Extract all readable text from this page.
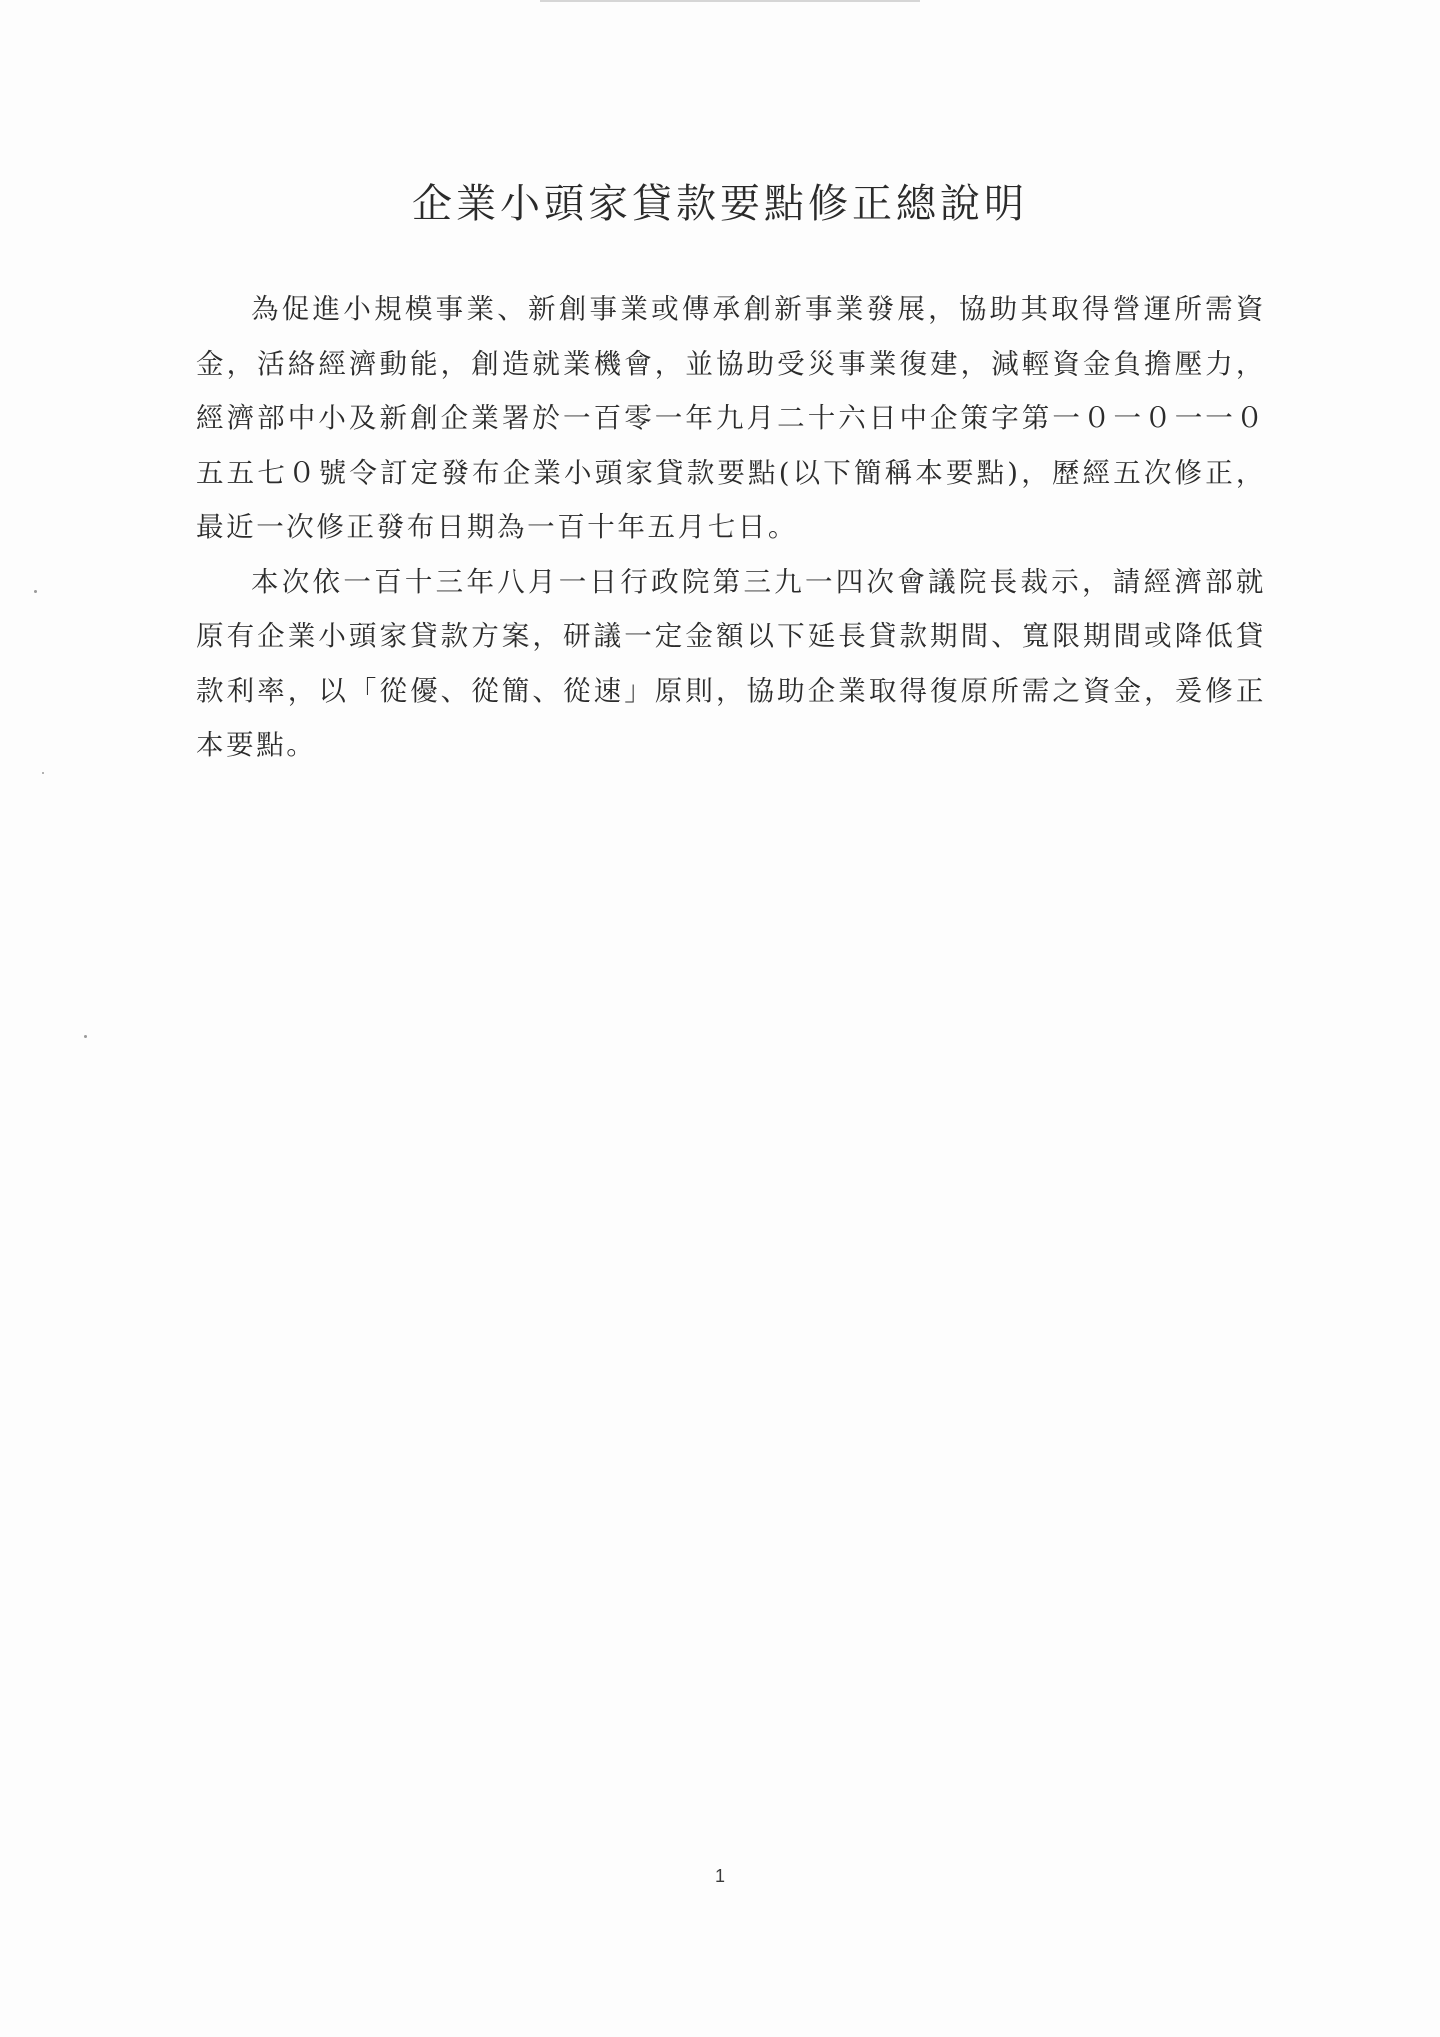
企業小頭家貸款要點修正總說明

為促進小規模事業、新創事業或傳承創新事業發展，協助其取得營運所需資金，活絡經濟動能，創造就業機會，並協助受災事業復建，減輕資金負擔壓力，經濟部中小及新創企業署於一百零一年九月二十六日中企策字第一０一０一一０五五七０號令訂定發布企業小頭家貸款要點(以下簡稱本要點)，歷經五次修正，最近一次修正發布日期為一百十年五月七日。

本次依一百十三年八月一日行政院第三九一四次會議院長裁示，請經濟部就原有企業小頭家貸款方案，研議一定金額以下延長貸款期間、寬限期間或降低貸款利率，以「從優、從簡、從速」原則，協助企業取得復原所需之資金，爰修正本要點。

1
